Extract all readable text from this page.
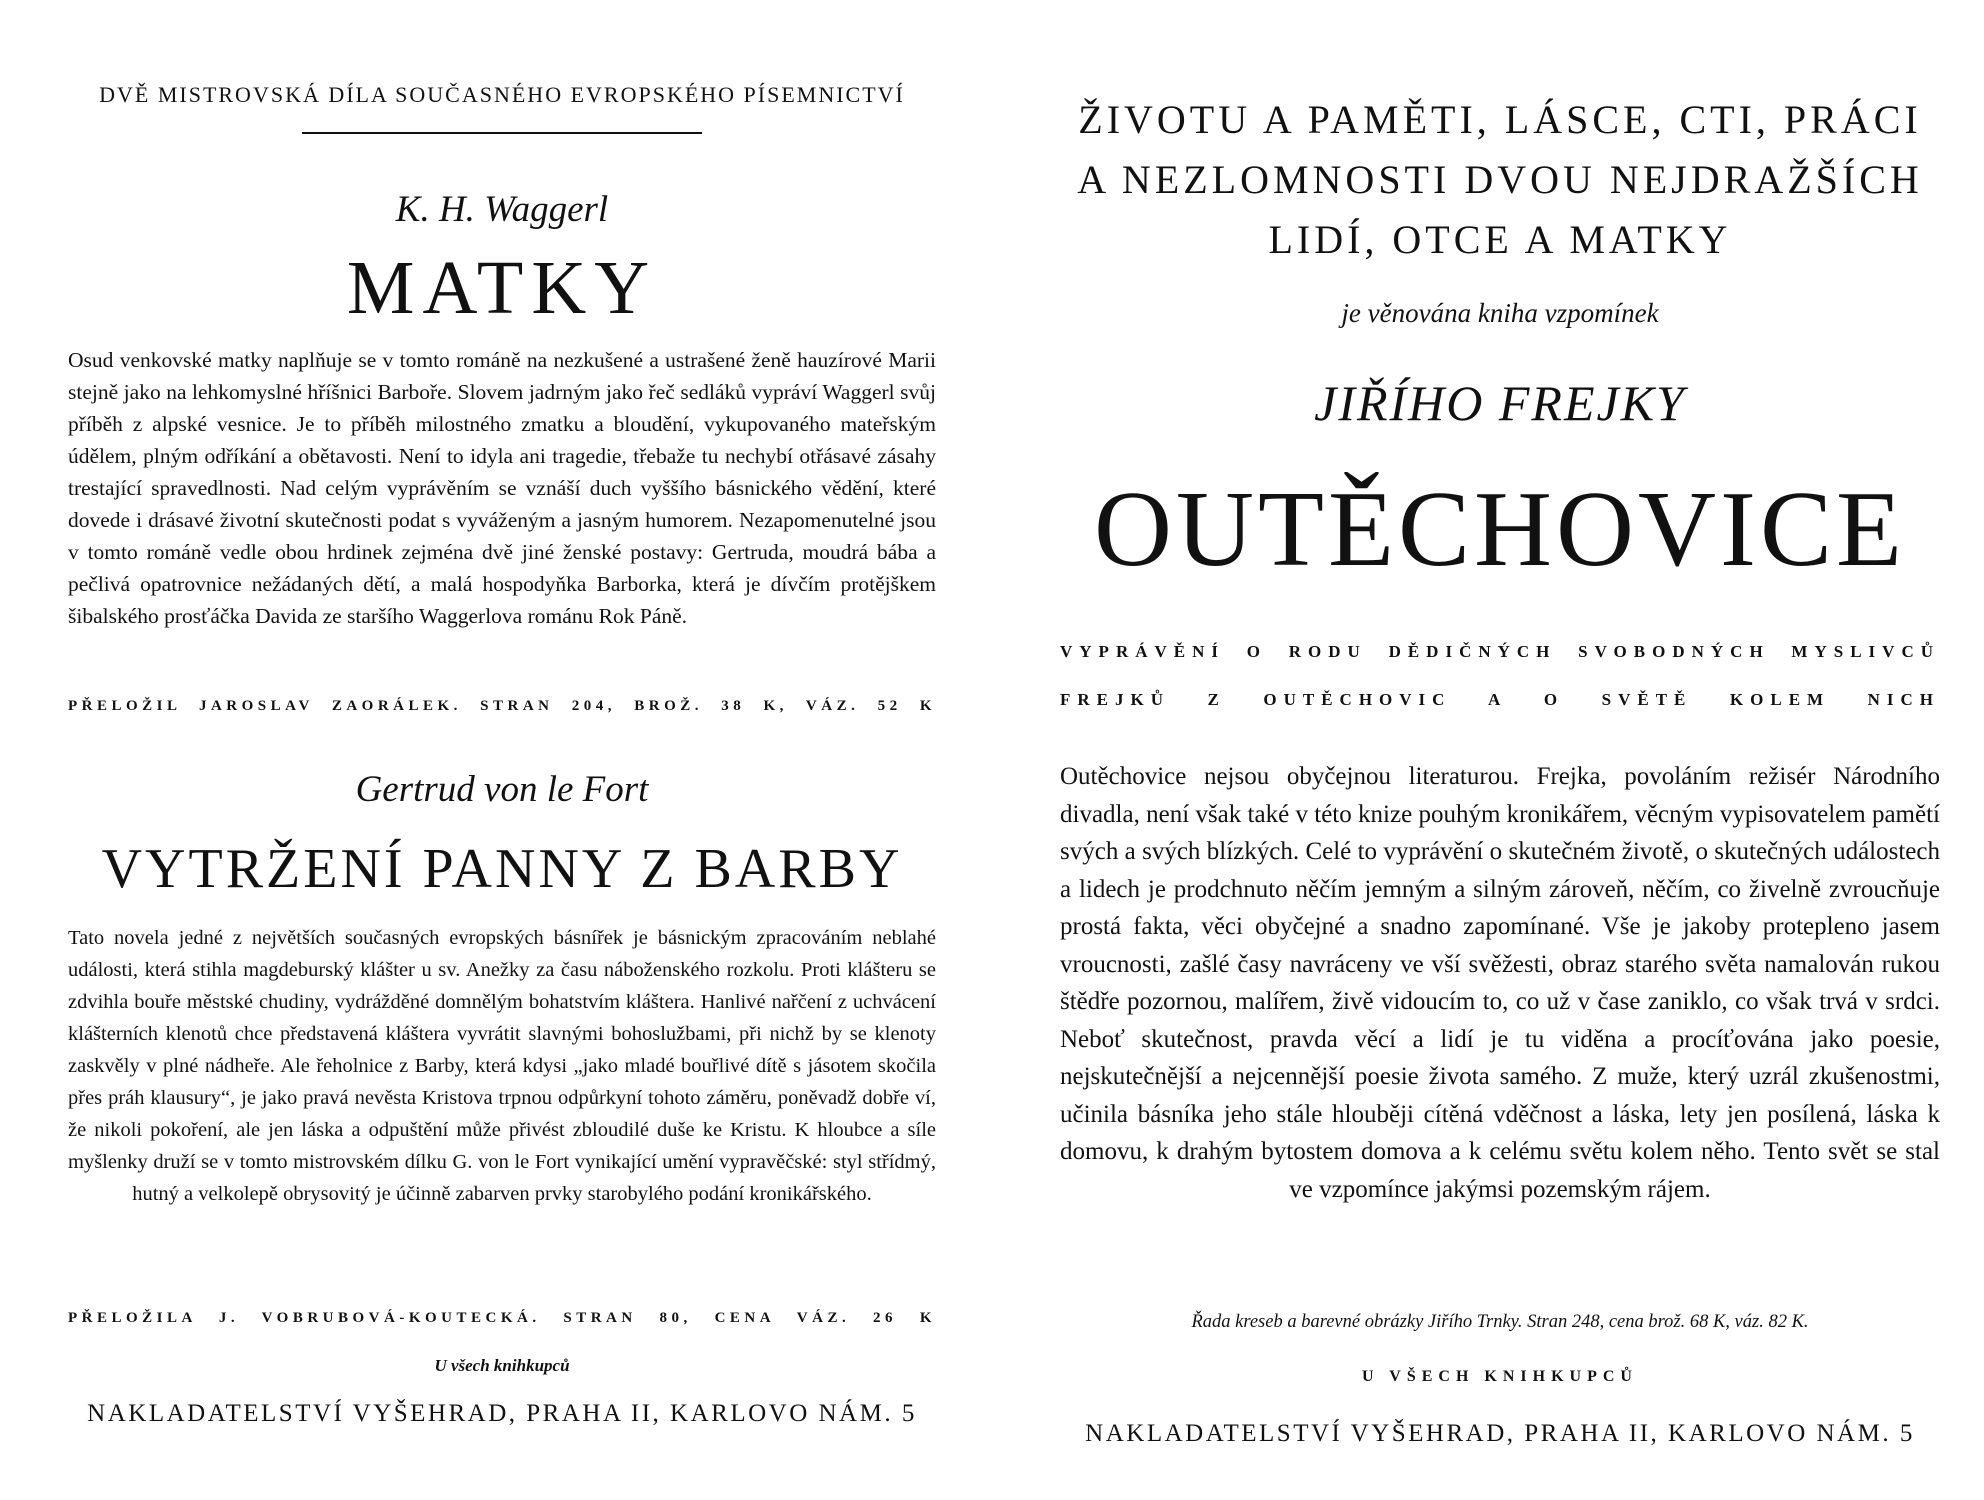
DVĚ MISTROVSKÁ DÍLA SOUČASNÉHO EVROPSKÉHO PÍSEMNICTVÍ
K. H. Waggerl
MATKY

Osud venkovské matky naplňuje se v tomto románě na nezkušené a ustrašené ženě hauzírové Marii stejně jako na lehkomyslné hříšnici Barboře. Slovem jadrným jako řeč sedláků vypráví Waggerl svůj příběh z alpské vesnice. Je to příběh milostného zmatku a bloudění, vykupovaného mateřským údělem, plným odříkání a obětavosti. Není to idyla ani tragedie, třebaže tu nechybí otřásavé zásahy trestající spravedlnosti. Nad celým vyprávěním se vznáší duch vyššího básnického vědění, které dovede i drásavé životní skutečnosti podat s vyváženým a jasným humorem. Nezapomenutelné jsou v tomto románě vedle obou hrdinek zejména dvě jiné ženské postavy: Gertruda, moudrá bába a pečlivá opatrovnice nežádaných dětí, a malá hospodyňka Barborka, která je dívčím protějškem šibalského prosťáčka Davida ze staršího Waggerlova románu Rok Páně.

PŘELOŽIL JAROSLAV ZAORÁLEK. STRAN 204, BROŽ. 38 K, VÁZ. 52 K
Gertrud von le Fort
VYTRŽENÍ PANNY Z BARBY

Tato novela jedné z největších současných evropských básnířek je básnickým zpracováním neblahé události, která stihla magdeburský klášter u sv. Anežky za času náboženského rozkolu. Proti klášteru se zdvihla bouře městské chudiny, vydrážděné domnělým bohatstvím kláštera. Hanlivé nařčení z uchvácení klášterních klenotů chce představená kláštera vyvrátit slavnými bohoslužbami, při nichž by se klenoty zaskvěly v plné nádheře. Ale řeholnice z Barby, která kdysi „jako mladé bouřlivé dítě s jásotem skočila přes práh klausury“, je jako pravá nevěsta Kristova trpnou odpůrkyní tohoto záměru, poněvadž dobře ví, že nikoli pokoření, ale jen láska a odpuštění může přivést zbloudilé duše ke Kristu. K hloubce a síle myšlenky druží se v tomto mistrovském dílku G. von le Fort vynikající umění vypravěčské: styl střídmý, hutný a velkolepě obrysovitý je účinně zabarven prvky starobylého podání kronikářského.

PŘELOŽILA J. VOBRUBOVÁ-KOUTECKÁ. STRAN 80, CENA VÁZ. 26 K
U všech knihkupců
NAKLADATELSTVÍ VYŠEHRAD, PRAHA II, KARLOVO NÁM. 5
ŽIVOTU A PAMĚTI, LÁSCE, CTI, PRÁCI A NEZLOMNOSTI DVOU NEJDRAŽŠÍCH LIDÍ, OTCE A MATKY
je věnována kniha vzpomínek
JIŘÍHO FREJKY
OUTĚCHOVICE
VYPRÁVĚNÍ O RODU DĚDIČNÝCH SVOBODNÝCH MYSLIVCŮ
FREJKŮ Z OUTĚCHOVIC A O SVĚTĚ KOLEM NICH

Outěchovice nejsou obyčejnou literaturou. Frejka, povoláním režisér Národního divadla, není však také v této knize pouhým kronikářem, věcným vypisovatelem pamětí svých a svých blízkých. Celé to vyprávění o skutečném životě, o skutečných událostech a lidech je prodchnuto něčím jemným a silným zároveň, něčím, co živelně zvroucňuje prostá fakta, věci obyčejné a snadno zapomínané. Vše je jakoby protepleno jasem vroucnosti, zašlé časy navráceny ve vší svěžesti, obraz starého světa namalován rukou štědře pozornou, malířem, živě vidoucím to, co už v čase zaniklo, co však trvá v srdci. Neboť skutečnost, pravda věcí a lidí je tu viděna a procíťována jako poesie, nejskutečnější a nejcennější poesie života samého. Z muže, který uzrál zkušenostmi, učinila básníka jeho stále hlouběji cítěná vděčnost a láska, lety jen posílená, láska k domovu, k drahým bytostem domova a k celému světu kolem něho. Tento svět se stal ve vzpomínce jakýmsi pozemským rájem.

Řada kreseb a barevné obrázky Jiřího Trnky. Stran 248, cena brož. 68 K, váz. 82 K.
U VŠECH KNIHKUPCŮ
NAKLADATELSTVÍ VYŠEHRAD, PRAHA II, KARLOVO NÁM. 5
